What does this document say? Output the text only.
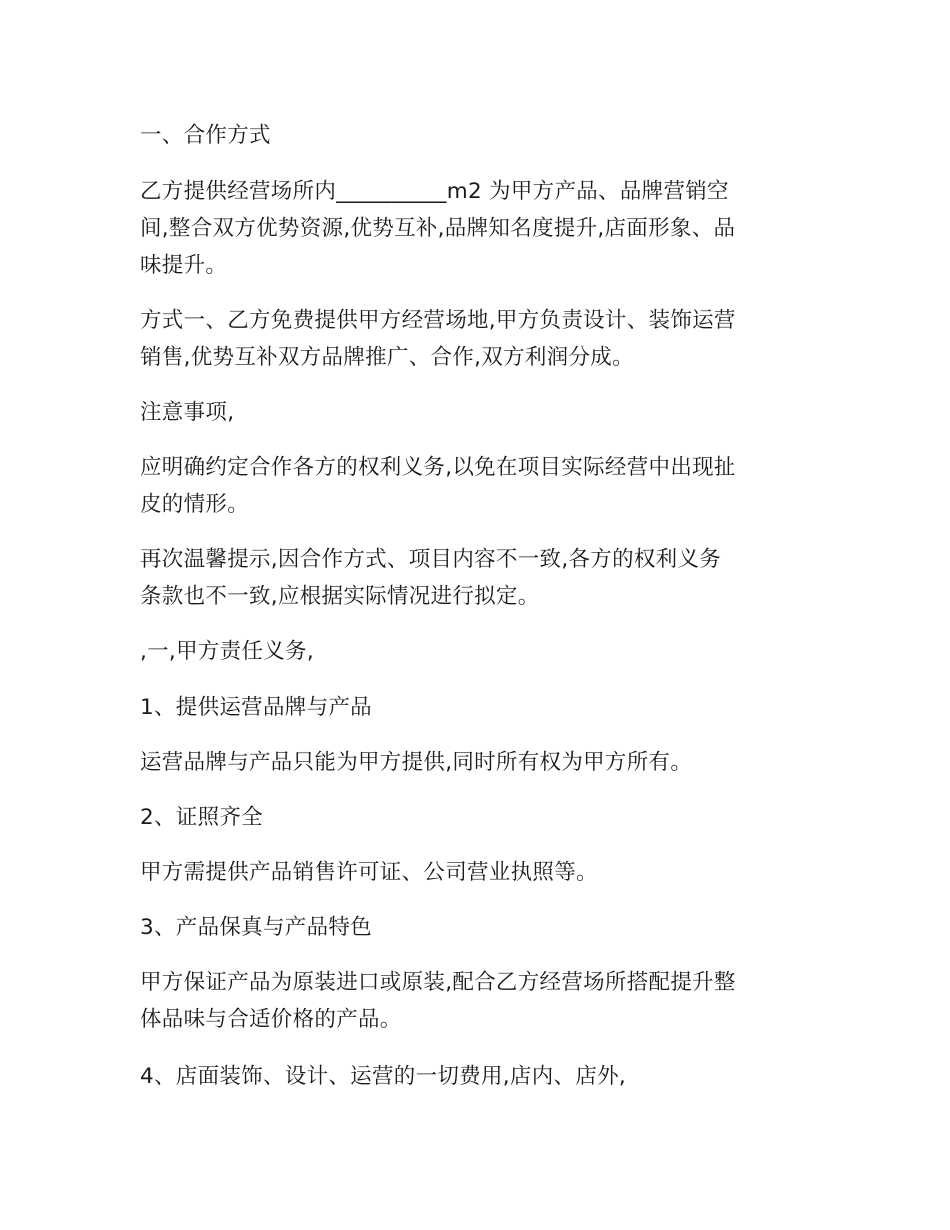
一、合作方式

乙方提供经营场所内__________m2 为甲方产品、品牌营销空

间,整合双方优势资源,优势互补,品牌知名度提升,店面形象、品

味提升。

方式一、乙方免费提供甲方经营场地,甲方负责设计、装饰运营

销售,优势互补双方品牌推广、合作,双方利润分成。

注意事项,

应明确约定合作各方的权利义务,以免在项目实际经营中出现扯

皮的情形。

再次温馨提示,因合作方式、项目内容不一致,各方的权利义务

条款也不一致,应根据实际情况进行拟定。

,一,甲方责任义务,

1、提供运营品牌与产品

运营品牌与产品只能为甲方提供,同时所有权为甲方所有。

2、证照齐全

甲方需提供产品销售许可证、公司营业执照等。

3、产品保真与产品特色

甲方保证产品为原装进口或原装,配合乙方经营场所搭配提升整

体品味与合适价格的产品。

4、店面装饰、设计、运营的一切费用,店内、店外,
